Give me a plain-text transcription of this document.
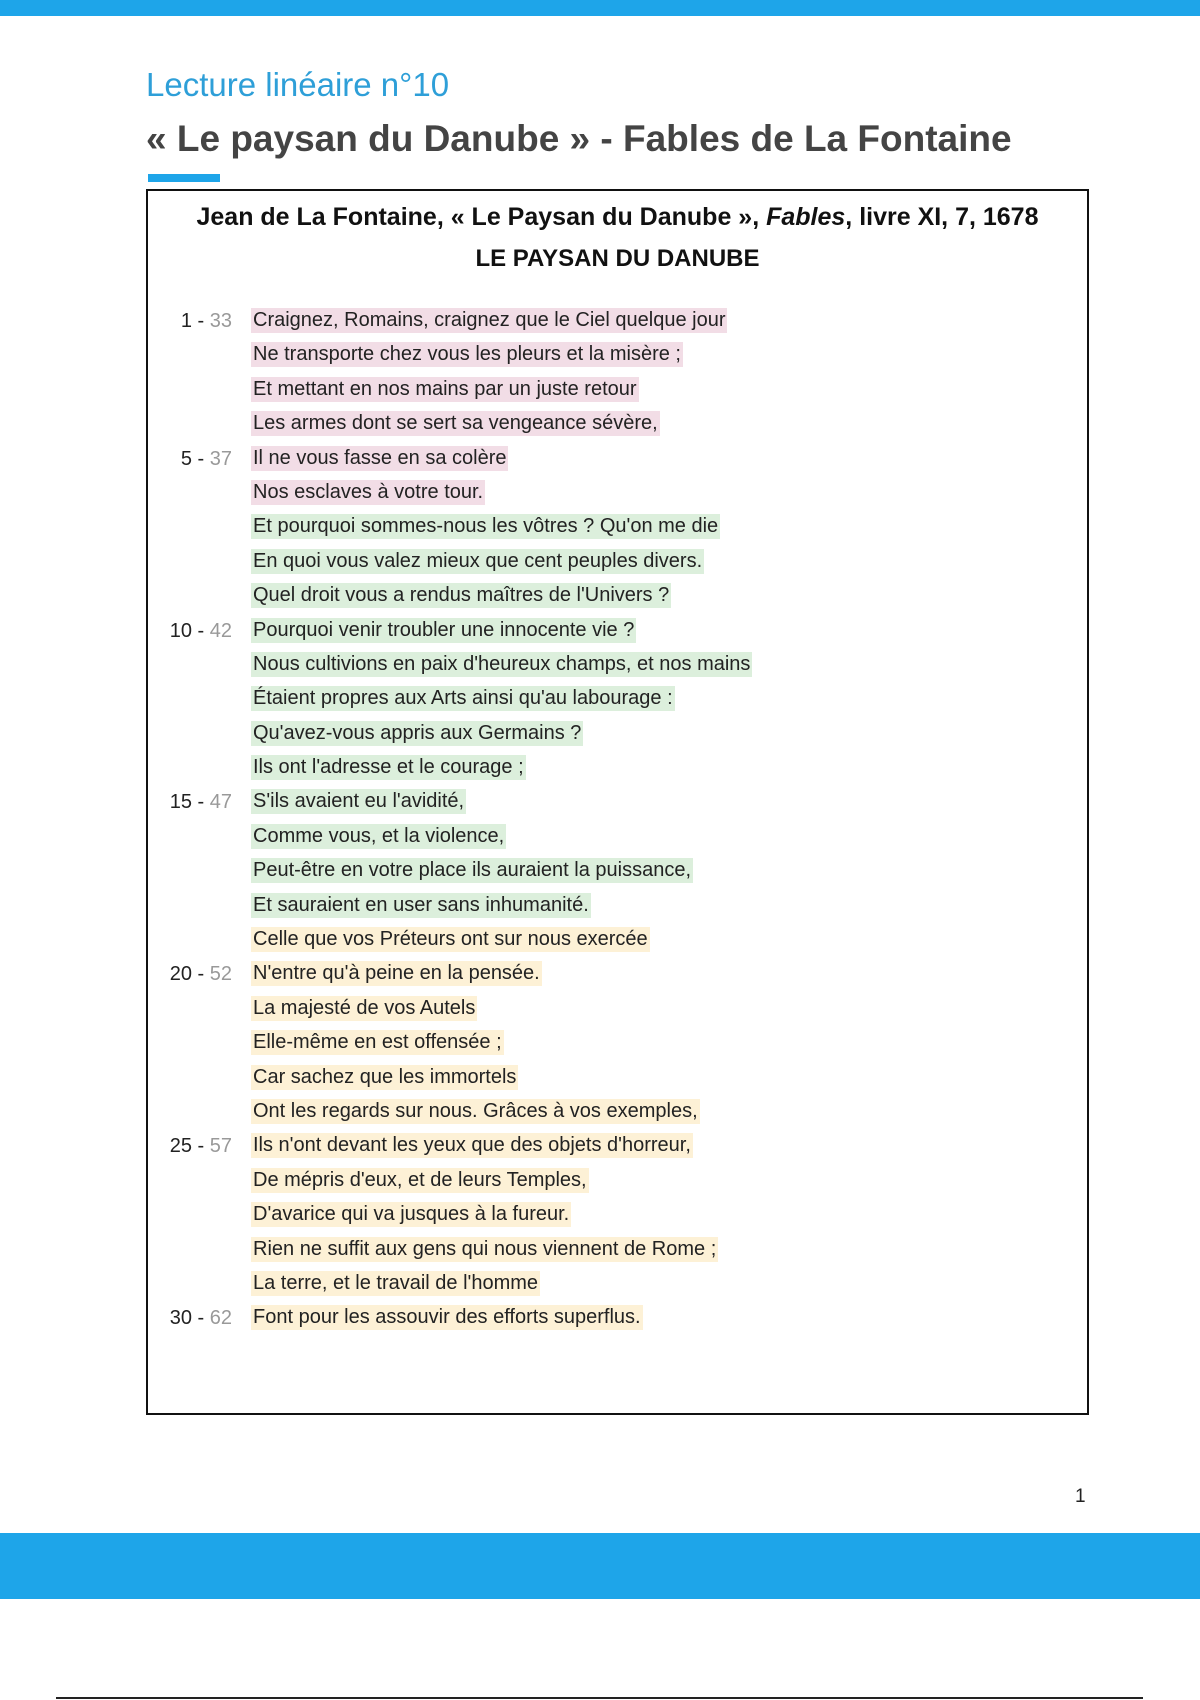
Lecture linéaire n°10
« Le paysan du Danube » - Fables de La Fontaine
Jean de La Fontaine, « Le Paysan du Danube », Fables, livre XI, 7, 1678
LE PAYSAN DU DANUBE
1 - 33 Craignez, Romains, craignez que le Ciel quelque jour
Ne transporte chez vous les pleurs et la misère ;
Et mettant en nos mains par un juste retour
Les armes dont se sert sa vengeance sévère,
5 - 37 Il ne vous fasse en sa colère
Nos esclaves à votre tour.
Et pourquoi sommes-nous les vôtres ? Qu'on me die
En quoi vous valez mieux que cent peuples divers.
Quel droit vous a rendus maîtres de l'Univers ?
10 - 42 Pourquoi venir troubler une innocente vie ?
Nous cultivions en paix d'heureux champs, et nos mains
Étaient propres aux Arts ainsi qu'au labourage :
Qu'avez-vous appris aux Germains ?
Ils ont l'adresse et le courage ;
15 - 47 S'ils avaient eu l'avidité,
Comme vous, et la violence,
Peut-être en votre place ils auraient la puissance,
Et sauraient en user sans inhumanité.
Celle que vos Préteurs ont sur nous exercée
20 - 52 N'entre qu'à peine en la pensée.
La majesté de vos Autels
Elle-même en est offensée ;
Car sachez que les immortels
Ont les regards sur nous. Grâces à vos exemples,
25 - 57 Ils n'ont devant les yeux que des objets d'horreur,
De mépris d'eux, et de leurs Temples,
D'avarice qui va jusques à la fureur.
Rien ne suffit aux gens qui nous viennent de Rome ;
La terre, et le travail de l'homme
30 - 62 Font pour les assouvir des efforts superflus.
1
